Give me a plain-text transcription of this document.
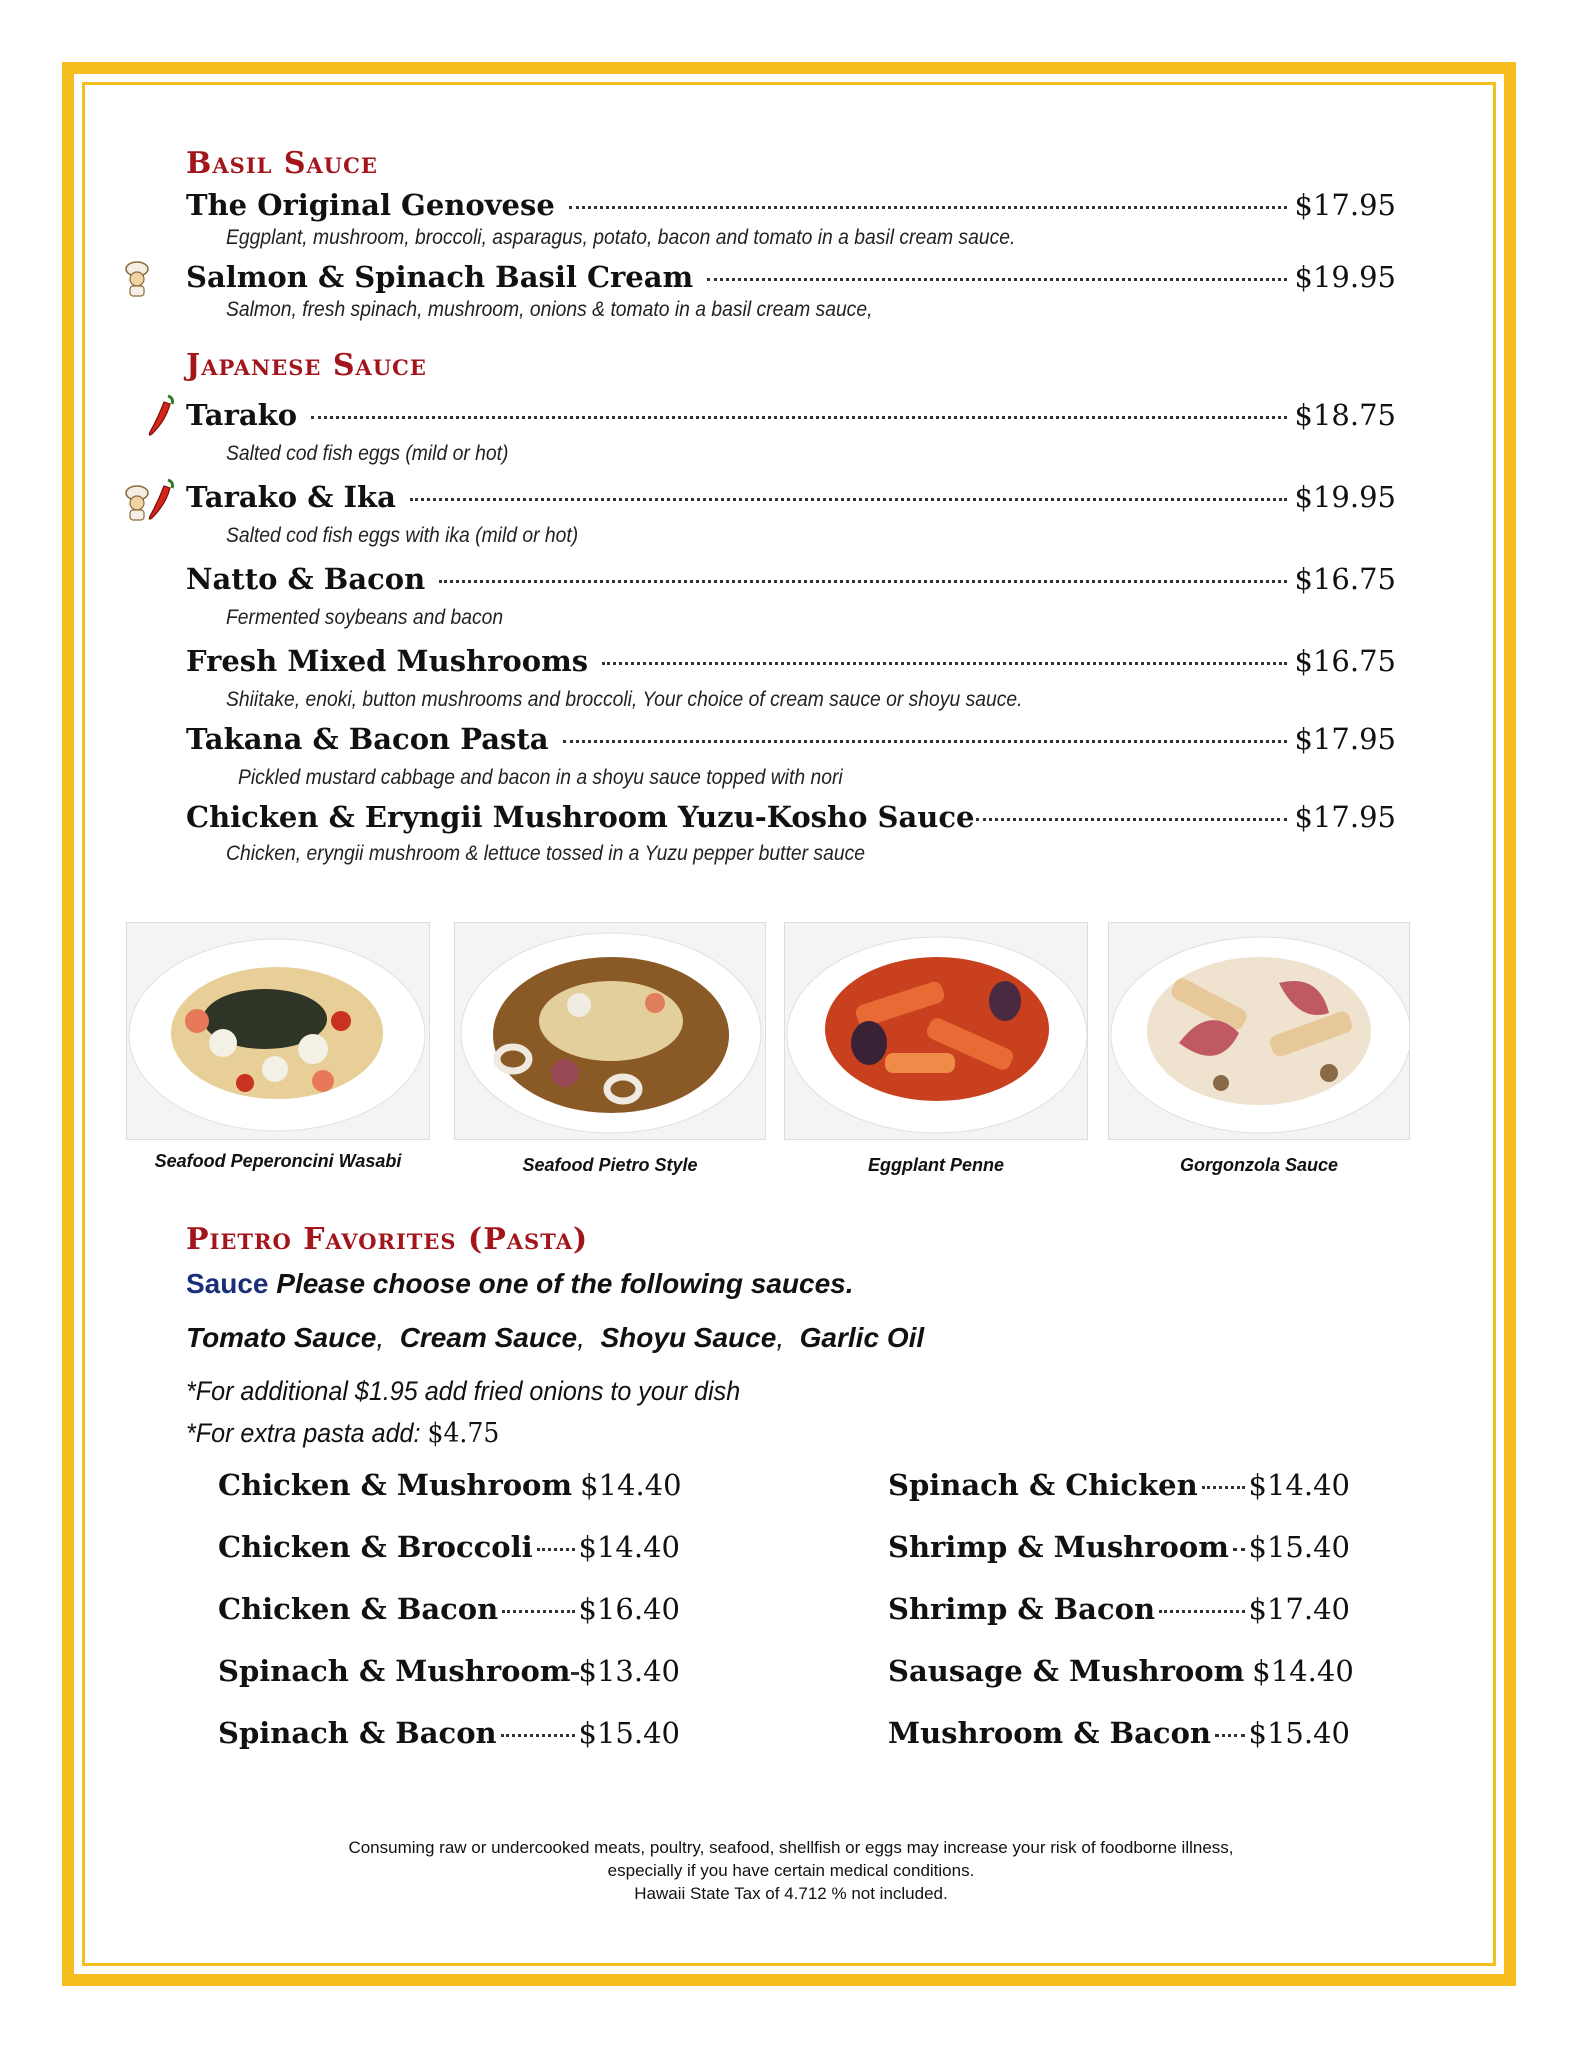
Basil Sauce
The Original Genovese	$17.95
Eggplant, mushroom, broccoli, asparagus, potato, bacon and tomato in a basil cream sauce.
Salmon & Spinach Basil Cream	$19.95
Salmon, fresh spinach, mushroom, onions & tomato in a basil cream sauce,
Japanese Sauce
Tarako	$18.75
Salted cod fish eggs (mild or hot)
Tarako & Ika	$19.95
Salted cod fish eggs with ika (mild or hot)
Natto & Bacon	$16.75
Fermented soybeans and bacon
Fresh Mixed Mushrooms	$16.75
Shiitake, enoki, button mushrooms and broccoli, Your choice of cream sauce or shoyu sauce.
Takana & Bacon Pasta	$17.95
Pickled mustard cabbage and bacon in a shoyu sauce topped with nori
Chicken & Eryngii Mushroom Yuzu-Kosho Sauce	$17.95
Chicken, eryngii mushroom & lettuce tossed in a Yuzu pepper butter sauce
Seafood Peperoncini Wasabi	Seafood Pietro Style	Eggplant Penne	Gorgonzola Sauce
Pietro Favorites (Pasta)
Sauce Please choose one of the following sauces.
Tomato Sauce,  Cream Sauce,  Shoyu Sauce,  Garlic Oil
*For additional $1.95 add fried onions to your dish
*For extra pasta add: $4.75
Chicken & Mushroom $14.40
Chicken & Broccoli $14.40
Chicken & Bacon	$16.40
Spinach & Mushroom $13.40
Spinach & Bacon	$15.40
Spinach & Chicken $14.40
Shrimp & Mushroom $15.40
Shrimp & Bacon	$17.40
Sausage & Mushroom $14.40
Mushroom & Bacon $15.40
Consuming raw or undercooked meats, poultry, seafood, shellfish or eggs may increase your risk of foodborne illness,
especially if you have certain medical conditions.
Hawaii State Tax of 4.712 % not included.
